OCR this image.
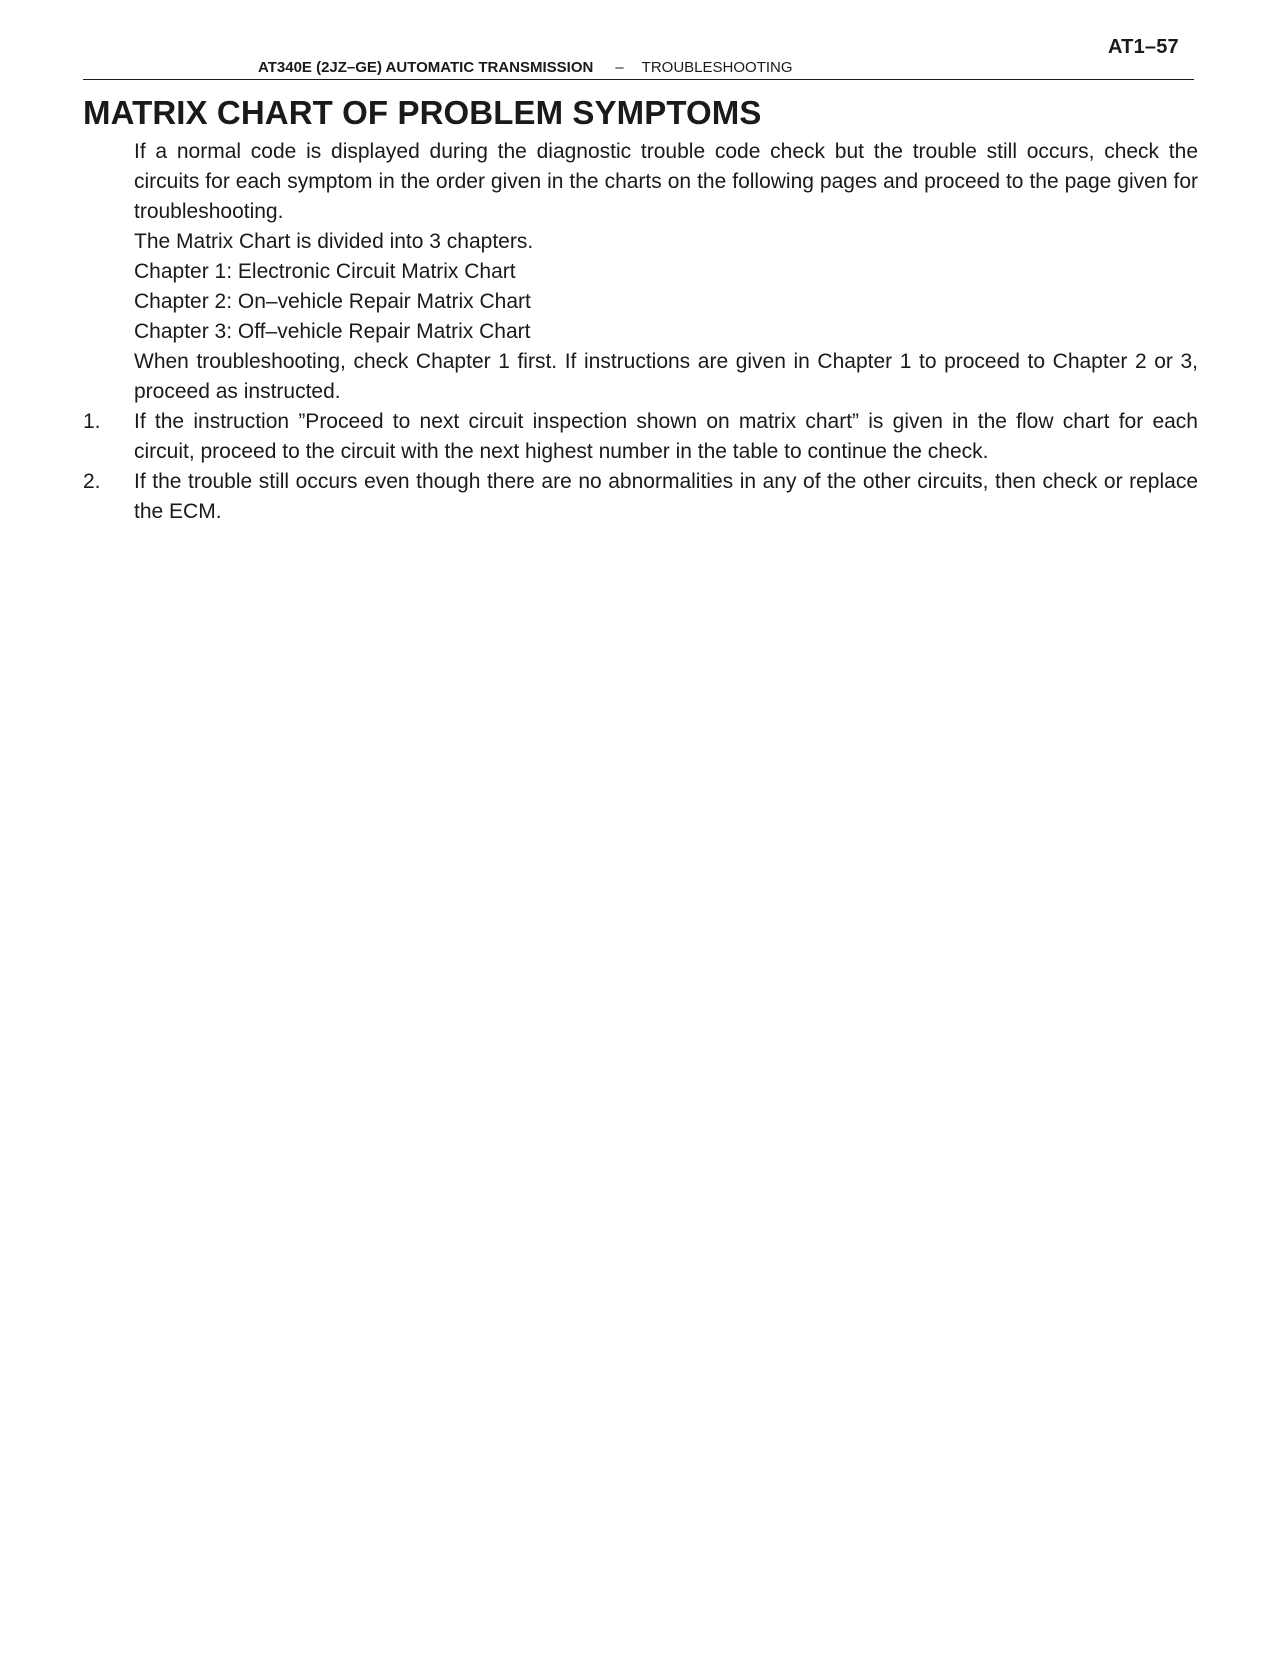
AT1–57
AT340E (2JZ–GE) AUTOMATIC TRANSMISSION – TROUBLESHOOTING
MATRIX CHART OF PROBLEM SYMPTOMS

If a normal code is displayed during the diagnostic trouble code check but the trouble still occurs, check the circuits for each symptom in the order given in the charts on the following pages and proceed to the page given for troubleshooting.

The Matrix Chart is divided into 3 chapters.

Chapter 1: Electronic Circuit Matrix Chart

Chapter 2: On–vehicle Repair Matrix Chart

Chapter 3: Off–vehicle Repair Matrix Chart

When troubleshooting, check Chapter 1 first. If instructions are given in Chapter 1 to proceed to Chapter 2 or 3, proceed as instructed.

1. If the instruction ”Proceed to next circuit inspection shown on matrix chart” is given in the flow chart for each circuit, proceed to the circuit with the next highest number in the table to continue the check.
2. If the trouble still occurs even though there are no abnormalities in any of the other circuits, then check or replace the ECM.
